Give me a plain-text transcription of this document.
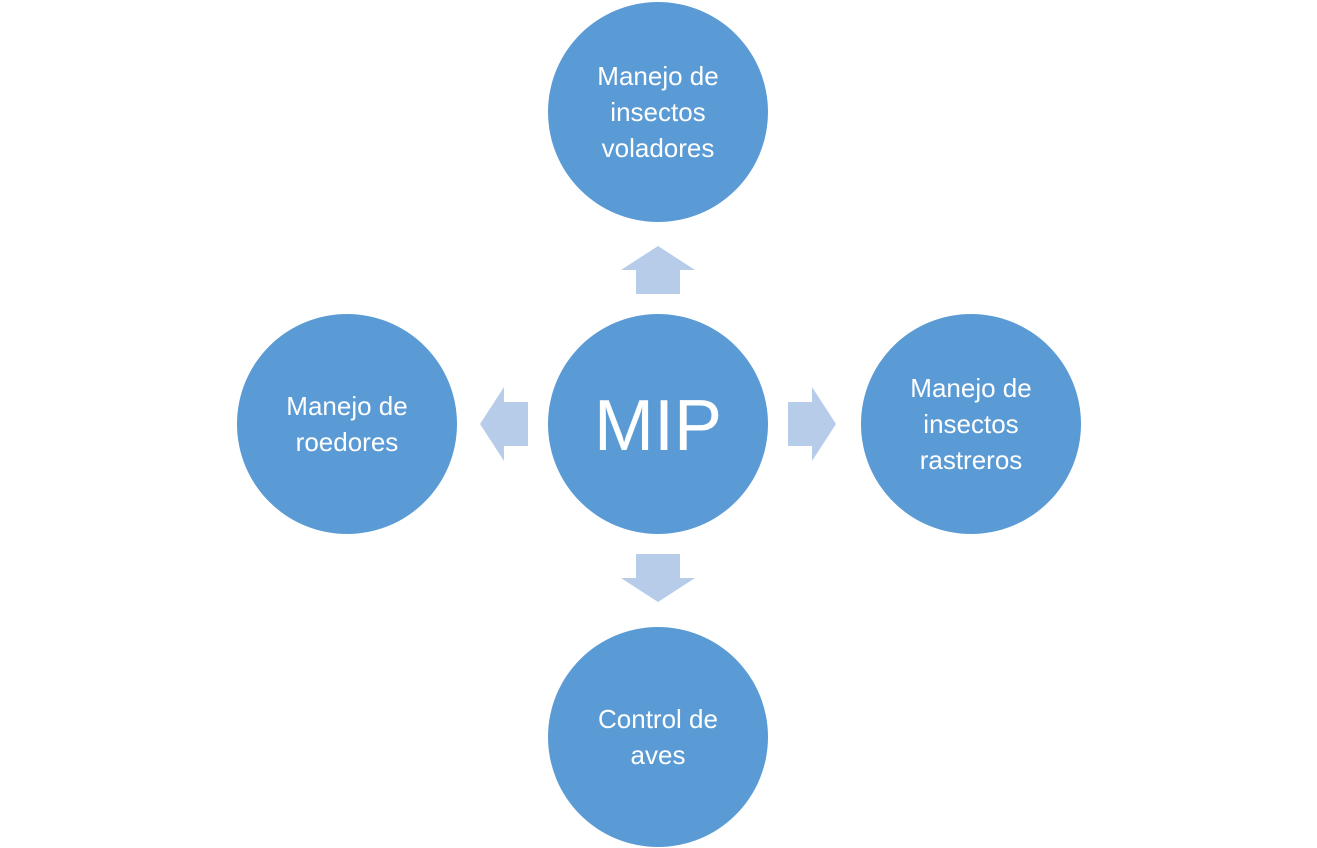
MIP
Manejo de
insectos
voladores
Manejo de
roedores
Manejo de
insectos
rastreros
Control de
aves
